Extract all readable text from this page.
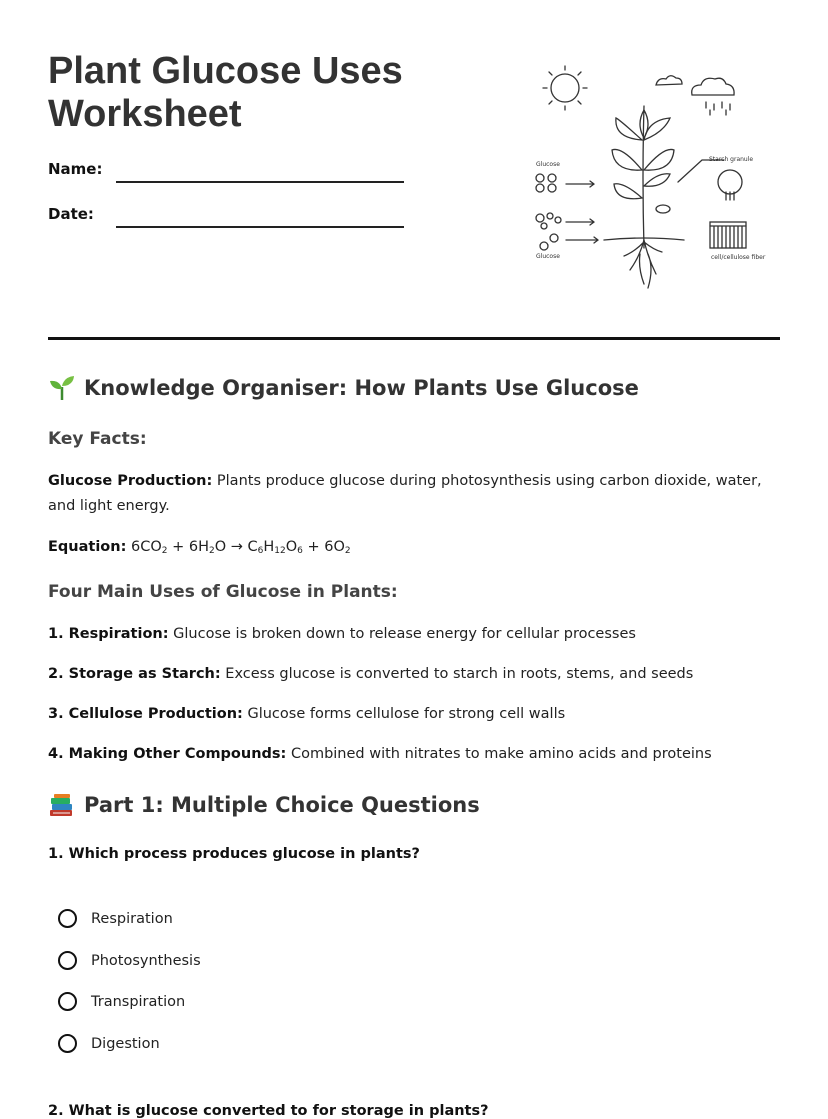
Plant Glucose Uses
Worksheet
Name:
Date:
Glucose
Glucose
Starch granule
cell/cellulose fiber
Knowledge Organiser: How Plants Use Glucose
Key Facts:

Glucose Production: Plants produce glucose during photosynthesis using carbon dioxide, water, and light energy.

Equation: $6CO_2 + 6H_2O \to C_6H_{12}O_6 + 6O_2$

Four Main Uses of Glucose in Plants:

1. Respiration: Glucose is broken down to release energy for cellular processes

2. Storage as Starch: Excess glucose is converted to starch in roots, stems, and seeds

3. Cellulose Production: Glucose forms cellulose for strong cell walls

4. Making Other Compounds: Combined with nitrates to make amino acids and proteins

Part 1: Multiple Choice Questions

1. Which process produces glucose in plants?

Respiration
Photosynthesis
Transpiration
Digestion

2. What is glucose converted to for storage in plants?
